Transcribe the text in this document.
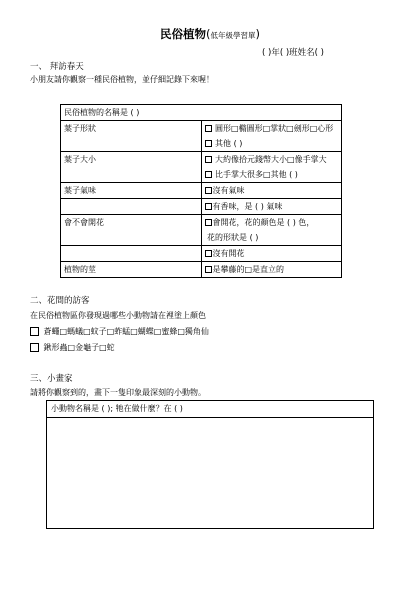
民俗植物(低年級學習單)
( )年( )班姓名( )
一、 拜訪春天
小朋友請你觀察一種民俗植物，並仔細記錄下來喔！
民俗植物的名稱是 ( )	
葉子形狀	圓形□橢圓形□掌狀□劍形□心形
	其他 ( )
葉子大小	大約像拾元錢幣大小□像手掌大
	比手掌大很多□其他 ( )
葉子氣味	沒有氣味
	有香味，是 ( ) 氣味
會不會開花	會開花，花的顏色是 ( ) 色，
	花的形狀是 ( )
	沒有開花
植物的莖	是攀藤的□是直立的
二、花間的訪客
在民俗植物區你發現過哪些小動物請在裡塗上顏色
蒼蠅□螞蟻□蚊子□蚱蜢□蝴蝶□蜜蜂□獨角仙
鍬形蟲□金龜子□蛇
三、小畫家
請將你觀察到的，畫下一隻印象最深刻的小動物。
小動物名稱是 ( ); 牠在做什麼？在 ( )
